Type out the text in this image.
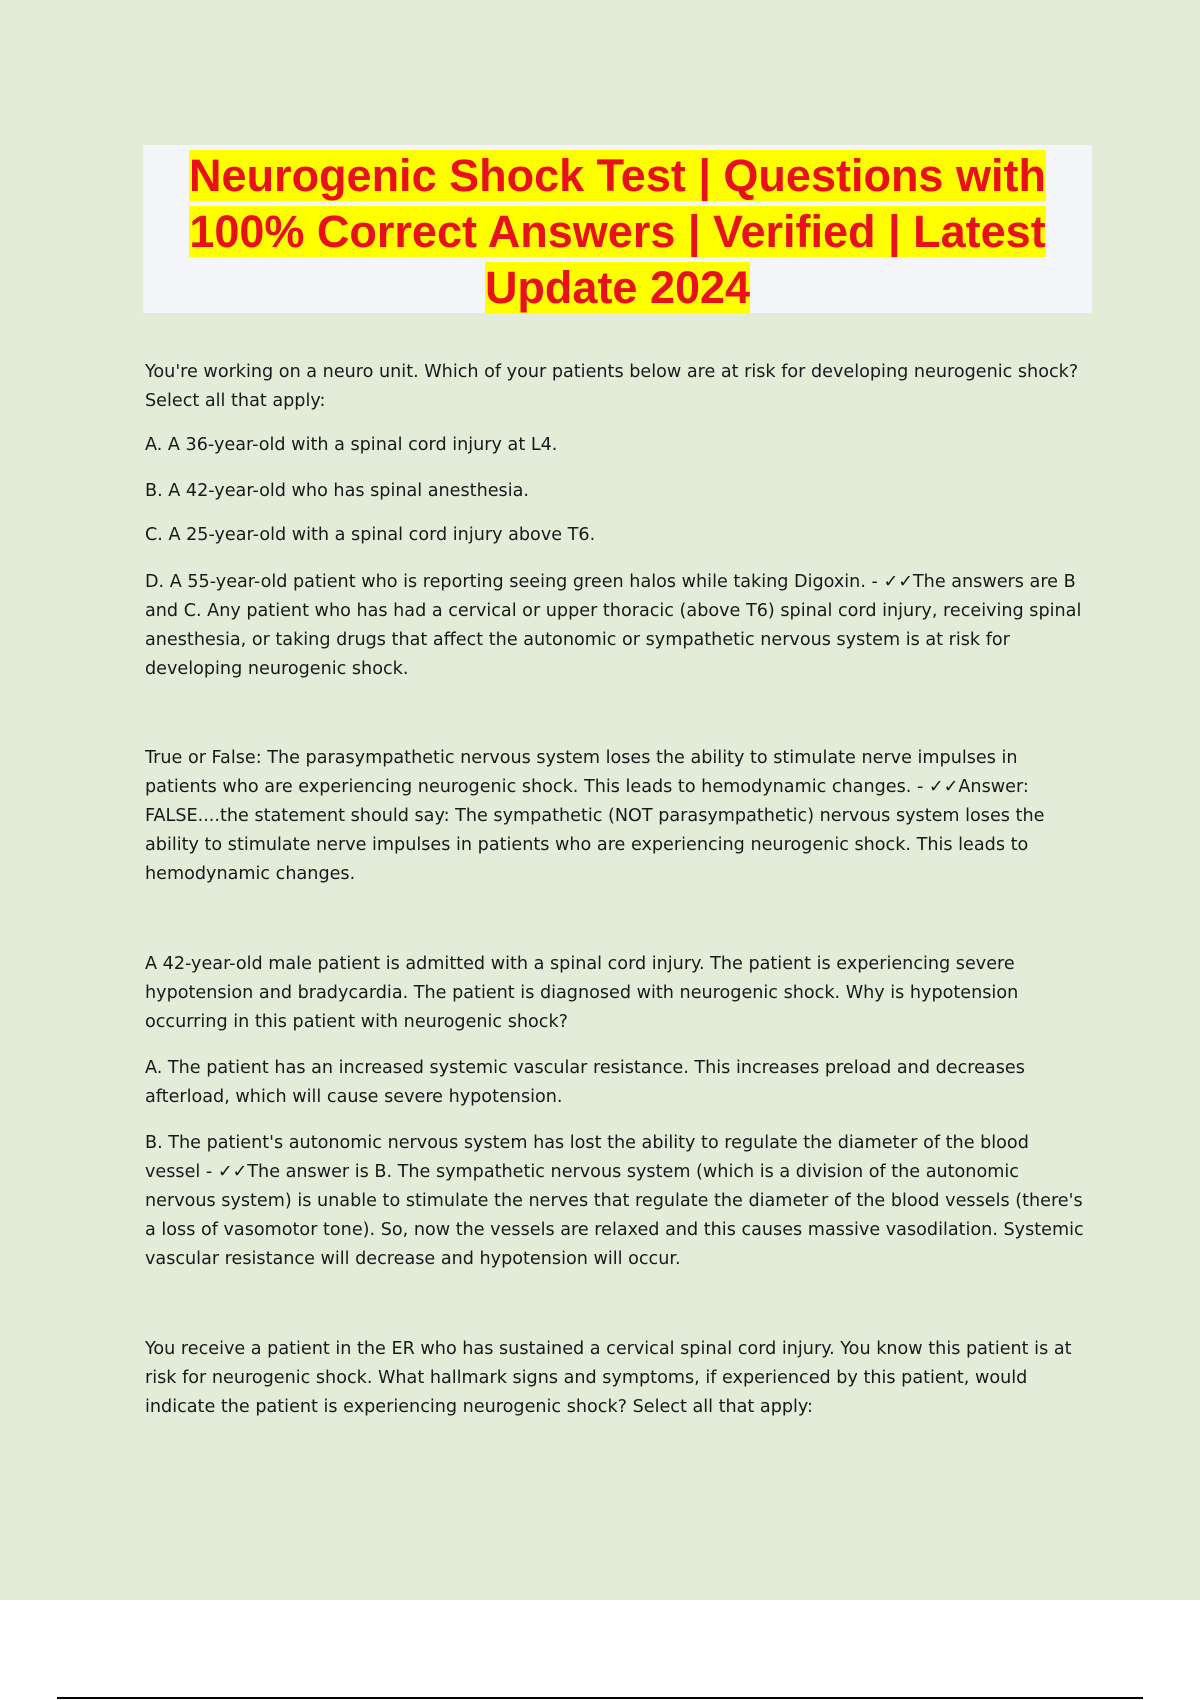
Neurogenic Shock Test | Questions with 100% Correct Answers | Verified | Latest Update 2024

You're working on a neuro unit. Which of your patients below are at risk for developing neurogenic shock? Select all that apply:

A. A 36-year-old with a spinal cord injury at L4.

B. A 42-year-old who has spinal anesthesia.

C. A 25-year-old with a spinal cord injury above T6.

D. A 55-year-old patient who is reporting seeing green halos while taking Digoxin. - ✓✓The answers are B and C. Any patient who has had a cervical or upper thoracic (above T6) spinal cord injury, receiving spinal anesthesia, or taking drugs that affect the autonomic or sympathetic nervous system is at risk for developing neurogenic shock.

True or False: The parasympathetic nervous system loses the ability to stimulate nerve impulses in patients who are experiencing neurogenic shock. This leads to hemodynamic changes. - ✓✓Answer: FALSE....the statement should say: The sympathetic (NOT parasympathetic) nervous system loses the ability to stimulate nerve impulses in patients who are experiencing neurogenic shock. This leads to hemodynamic changes.

A 42-year-old male patient is admitted with a spinal cord injury. The patient is experiencing severe hypotension and bradycardia. The patient is diagnosed with neurogenic shock. Why is hypotension occurring in this patient with neurogenic shock?

A. The patient has an increased systemic vascular resistance. This increases preload and decreases afterload, which will cause severe hypotension.

B. The patient's autonomic nervous system has lost the ability to regulate the diameter of the blood vessel - ✓✓The answer is B. The sympathetic nervous system (which is a division of the autonomic nervous system) is unable to stimulate the nerves that regulate the diameter of the blood vessels (there's a loss of vasomotor tone). So, now the vessels are relaxed and this causes massive vasodilation. Systemic vascular resistance will decrease and hypotension will occur.

You receive a patient in the ER who has sustained a cervical spinal cord injury. You know this patient is at risk for neurogenic shock. What hallmark signs and symptoms, if experienced by this patient, would indicate the patient is experiencing neurogenic shock? Select all that apply:
